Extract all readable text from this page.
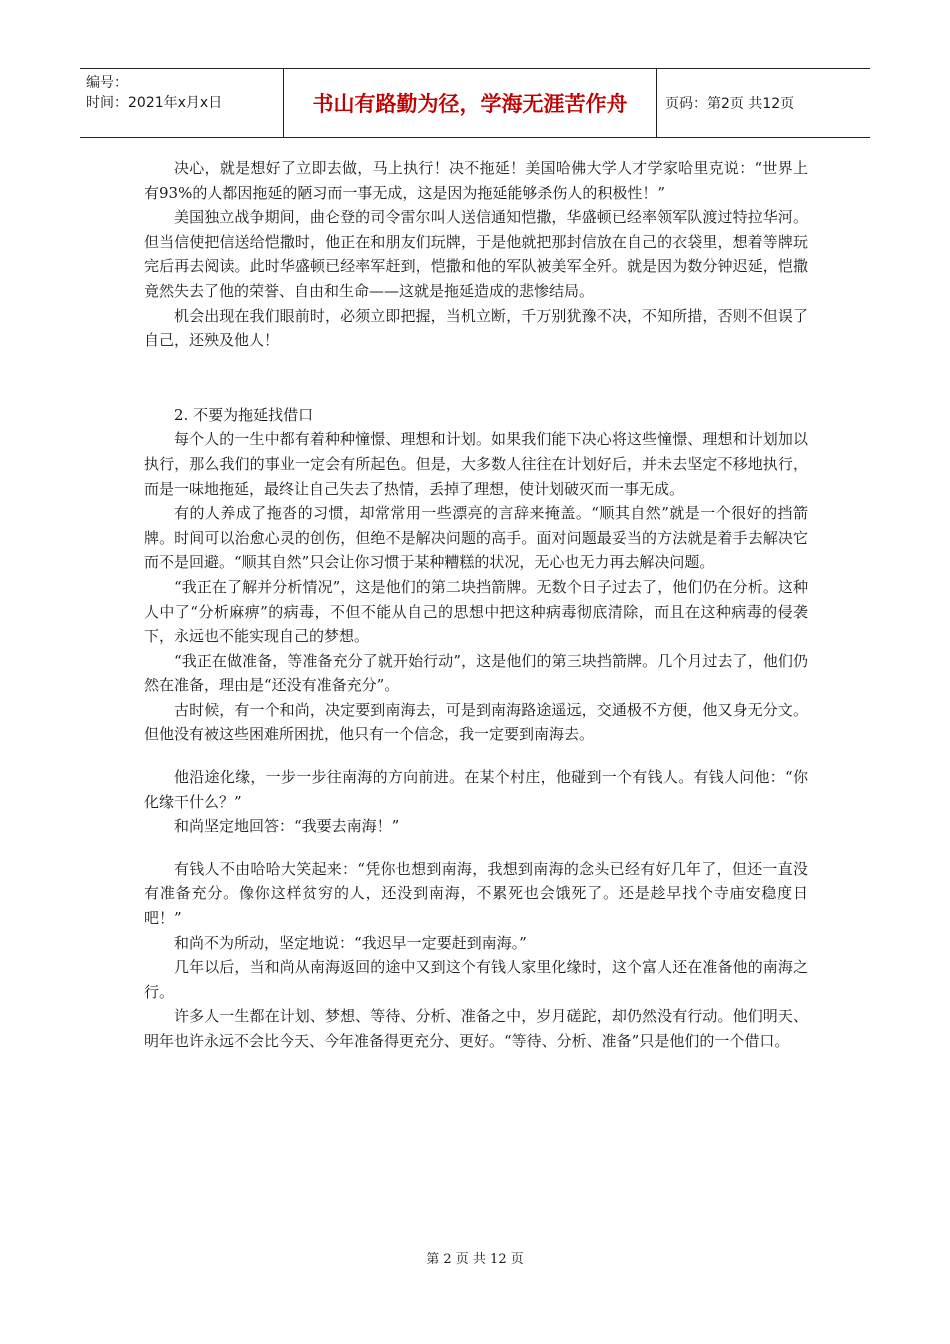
编号：
时间：2021年x月x日	书山有路勤为径，学海无涯苦作舟	页码：第2页 共12页

决心，就是想好了立即去做，马上执行！决不拖延！美国哈佛大学人才学家哈里克说：“世界上有93%的人都因拖延的陋习而一事无成，这是因为拖延能够杀伤人的积极性！”

美国独立战争期间，曲仑登的司令雷尔叫人送信通知恺撒，华盛顿已经率领军队渡过特拉华河。但当信使把信送给恺撒时，他正在和朋友们玩牌，于是他就把那封信放在自己的衣袋里，想着等牌玩完后再去阅读。此时华盛顿已经率军赶到，恺撒和他的军队被美军全歼。就是因为数分钟迟延，恺撒竟然失去了他的荣誉、自由和生命——这就是拖延造成的悲惨结局。

机会出现在我们眼前时，必须立即把握，当机立断，千万别犹豫不决，不知所措，否则不但误了自己，还殃及他人！

2. 不要为拖延找借口

每个人的一生中都有着种种憧憬、理想和计划。如果我们能下决心将这些憧憬、理想和计划加以执行，那么我们的事业一定会有所起色。但是，大多数人往往在计划好后，并未去坚定不移地执行，而是一味地拖延，最终让自己失去了热情，丢掉了理想，使计划破灭而一事无成。

有的人养成了拖沓的习惯，却常常用一些漂亮的言辞来掩盖。“顺其自然”就是一个很好的挡箭牌。时间可以治愈心灵的创伤，但绝不是解决问题的高手。面对问题最妥当的方法就是着手去解决它而不是回避。“顺其自然”只会让你习惯于某种糟糕的状况，无心也无力再去解决问题。

“我正在了解并分析情况”，这是他们的第二块挡箭牌。无数个日子过去了，他们仍在分析。这种人中了“分析麻痹”的病毒，不但不能从自己的思想中把这种病毒彻底清除，而且在这种病毒的侵袭下，永远也不能实现自己的梦想。

“我正在做准备，等准备充分了就开始行动”，这是他们的第三块挡箭牌。几个月过去了，他们仍然在准备，理由是“还没有准备充分”。

古时候，有一个和尚，决定要到南海去，可是到南海路途遥远，交通极不方便，他又身无分文。但他没有被这些困难所困扰，他只有一个信念，我一定要到南海去。

他沿途化缘，一步一步往南海的方向前进。在某个村庄，他碰到一个有钱人。有钱人问他：“你化缘干什么？”

和尚坚定地回答：“我要去南海！”

有钱人不由哈哈大笑起来：“凭你也想到南海，我想到南海的念头已经有好几年了，但还一直没有准备充分。像你这样贫穷的人，还没到南海，不累死也会饿死了。还是趁早找个寺庙安稳度日吧！”

和尚不为所动，坚定地说：“我迟早一定要赶到南海。”

几年以后，当和尚从南海返回的途中又到这个有钱人家里化缘时，这个富人还在准备他的南海之行。

许多人一生都在计划、梦想、等待、分析、准备之中，岁月磋跎，却仍然没有行动。他们明天、明年也许永远不会比今天、今年准备得更充分、更好。“等待、分析、准备”只是他们的一个借口。

第 2 页 共 12 页
